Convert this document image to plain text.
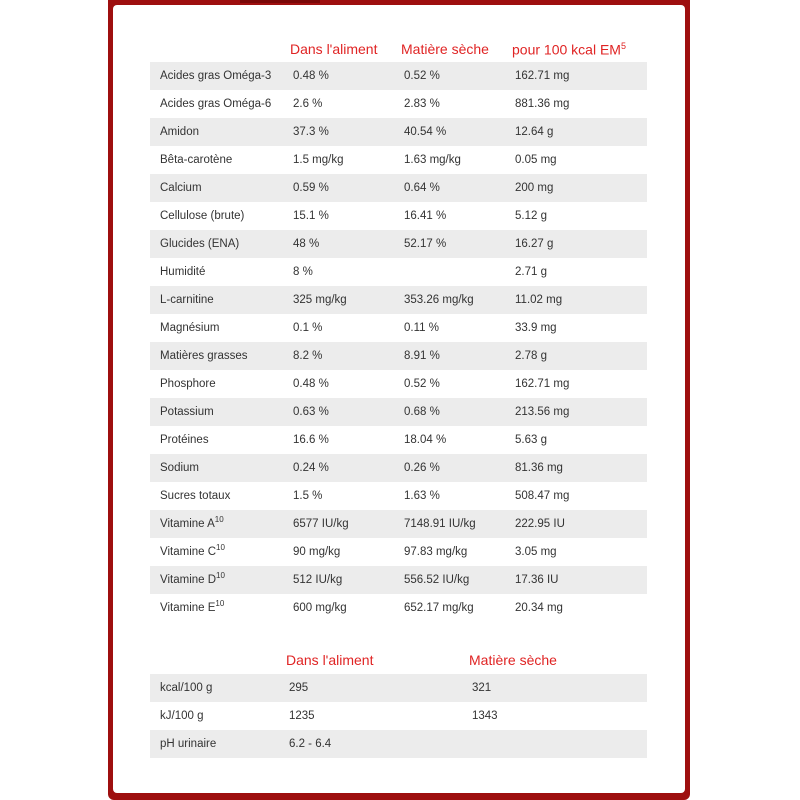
	Dans l'aliment	Matière sèche	pour 100 kcal $EM^5$
Acides gras Oméga-3	0.48 %	0.52 %	162.71 mg
Acides gras Oméga-6	2.6 %	2.83 %	881.36 mg
Amidon	37.3 %	40.54 %	12.64 g
Bêta-carotène	1.5 mg/kg	1.63 mg/kg	0.05 mg
Calcium	0.59 %	0.64 %	200 mg
Cellulose (brute)	15.1 %	16.41 %	5.12 g
Glucides (ENA)	48 %	52.17 %	16.27 g
Humidité	8 %		2.71 g
L-carnitine	325 mg/kg	353.26 mg/kg	11.02 mg
Magnésium	0.1 %	0.11 %	33.9 mg
Matières grasses	8.2 %	8.91 %	2.78 g
Phosphore	0.48 %	0.52 %	162.71 mg
Potassium	0.63 %	0.68 %	213.56 mg
Protéines	16.6 %	18.04 %	5.63 g
Sodium	0.24 %	0.26 %	81.36 mg
Sucres totaux	1.5 %	1.63 %	508.47 mg
Vitamine $A^{10}$	6577 IU/kg	7148.91 IU/kg	222.95 IU
Vitamine $C^{10}$	90 mg/kg	97.83 mg/kg	3.05 mg
Vitamine $D^{10}$	512 IU/kg	556.52 IU/kg	17.36 IU
Vitamine $E^{10}$	600 mg/kg	652.17 mg/kg	20.34 mg
	Dans l'aliment	Matière sèche
kcal/100 g	295	321
kJ/100 g	1235	1343
pH urinaire	6.2 - 6.4	
